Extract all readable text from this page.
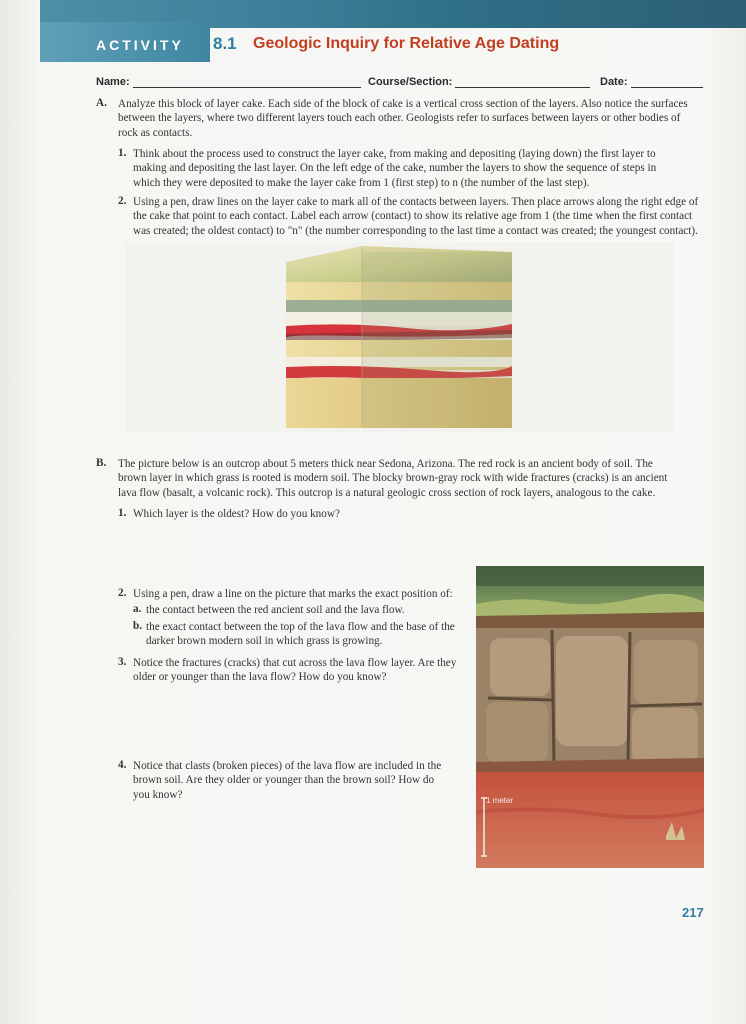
ACTIVITY 8.1 Geologic Inquiry for Relative Age Dating
Name:	Course/Section:	Date:
A. Analyze this block of layer cake. Each side of the block of cake is a vertical cross section of the layers. Also notice the surfaces
between the layers, where two different layers touch each other. Geologists refer to surfaces between layers or other bodies of
rock as contacts.
1. Think about the process used to construct the layer cake, from making and depositing (laying down) the first layer to
making and depositing the last layer. On the left edge of the cake, number the layers to show the sequence of steps in
which they were deposited to make the layer cake from 1 (first step) to n (the number of the last step).
2. Using a pen, draw lines on the layer cake to mark all of the contacts between layers. Then place arrows along the right edge of
the cake that point to each contact. Label each arrow (contact) to show its relative age from 1 (the time when the first contact
was created; the oldest contact) to "n" (the number corresponding to the last time a contact was created; the youngest contact).
B. The picture below is an outcrop about 5 meters thick near Sedona, Arizona. The red rock is an ancient body of soil. The
brown layer in which grass is rooted is modern soil. The blocky brown-gray rock with wide fractures (cracks) is an ancient
lava flow (basalt, a volcanic rock). This outcrop is a natural geologic cross section of rock layers, analogous to the cake.
1. Which layer is the oldest? How do you know?
2. Using a pen, draw a line on the picture that marks the exact position of:
a. the contact between the red ancient soil and the lava flow.
b. the exact contact between the top of the lava flow and the base of the
darker brown modern soil in which grass is growing.
3. Notice the fractures (cracks) that cut across the lava flow layer. Are they
older or younger than the lava flow? How do you know?
4. Notice that clasts (broken pieces) of the lava flow are included in the
brown soil. Are they older or younger than the brown soil? How do
you know?	1 meter
217
